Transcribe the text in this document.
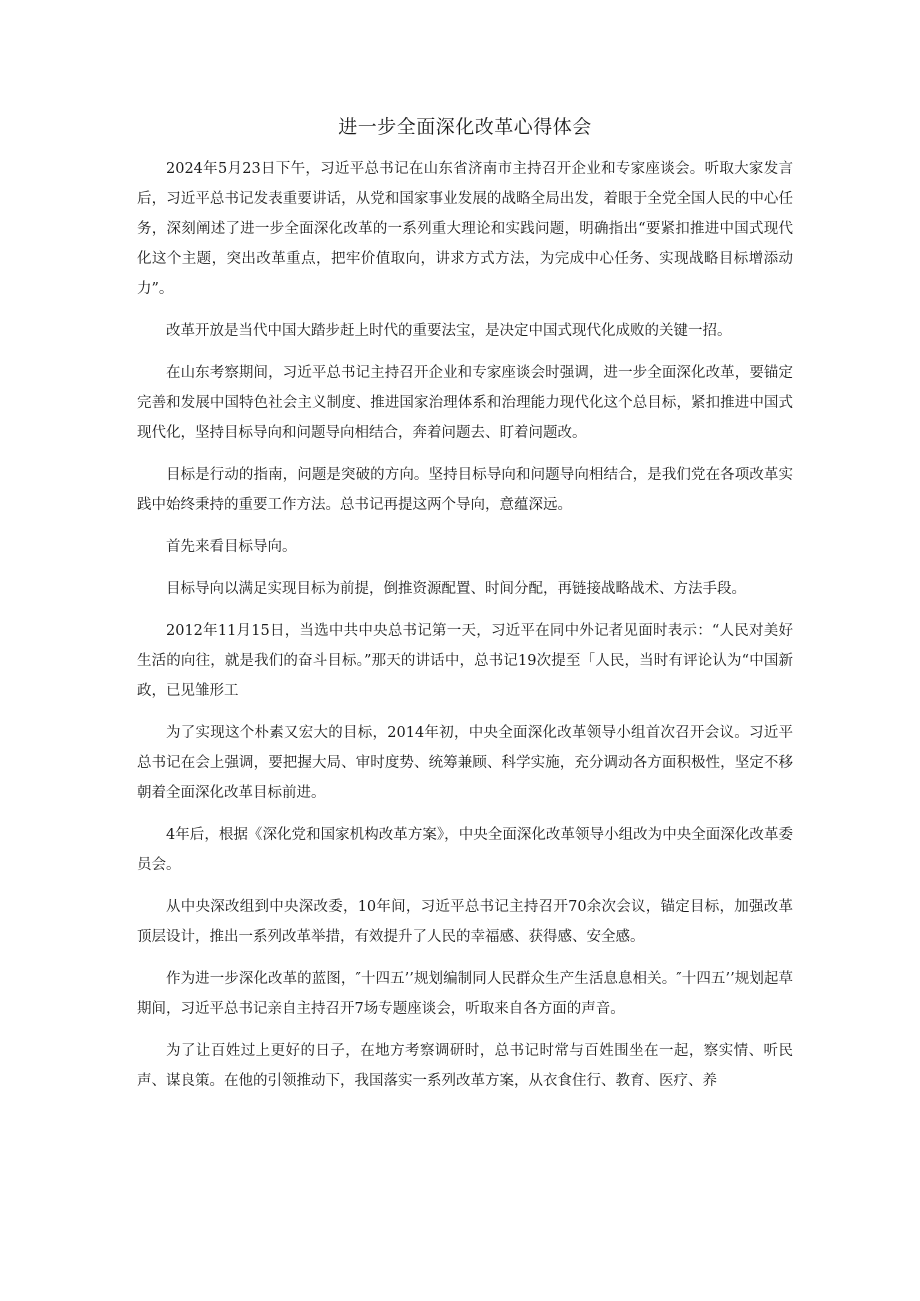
进一步全面深化改革心得体会

2024年5月23日下午，习近平总书记在山东省济南市主持召开企业和专家座谈会。听取大家发言后，习近平总书记发表重要讲话，从党和国家事业发展的战略全局出发，着眼于全党全国人民的中心任务，深刻阐述了进一步全面深化改革的一系列重大理论和实践问题，明确指出“要紧扣推进中国式现代化这个主题，突出改革重点，把牢价值取向，讲求方式方法，为完成中心任务、实现战略目标增添动力”。

改革开放是当代中国大踏步赶上时代的重要法宝，是决定中国式现代化成败的关键一招。

在山东考察期间，习近平总书记主持召开企业和专家座谈会时强调，进一步全面深化改革，要锚定完善和发展中国特色社会主义制度、推进国家治理体系和治理能力现代化这个总目标，紧扣推进中国式现代化，坚持目标导向和问题导向相结合，奔着问题去、盯着问题改。

目标是行动的指南，问题是突破的方向。坚持目标导向和问题导向相结合，是我们党在各项改革实践中始终秉持的重要工作方法。总书记再提这两个导向，意蕴深远。

首先来看目标导向。

目标导向以满足实现目标为前提，倒推资源配置、时间分配，再链接战略战术、方法手段。

2012年11月15日，当选中共中央总书记第一天，习近平在同中外记者见面时表示：“人民对美好生活的向往，就是我们的奋斗目标。”那天的讲话中，总书记19次提至「人民，当时有评论认为“中国新政，已见雏形工

为了实现这个朴素又宏大的目标，2014年初，中央全面深化改革领导小组首次召开会议。习近平总书记在会上强调，要把握大局、审时度势、统筹兼顾、科学实施，充分调动各方面积极性，坚定不移朝着全面深化改革目标前进。

4年后，根据《深化党和国家机构改革方案》，中央全面深化改革领导小组改为中央全面深化改革委员会。

从中央深改组到中央深改委，10年间，习近平总书记主持召开70余次会议，锚定目标，加强改革顶层设计，推出一系列改革举措，有效提升了人民的幸福感、获得感、安全感。

作为进一步深化改革的蓝图，″十四五’’规划编制同人民群众生产生活息息相关。″十四五’’规划起草期间，习近平总书记亲自主持召开7场专题座谈会，听取来自各方面的声音。

为了让百姓过上更好的日子，在地方考察调研时，总书记时常与百姓围坐在一起，察实情、听民声、谋良策。在他的引领推动下，我国落实一系列改革方案，从衣食住行、教育、医疗、养
